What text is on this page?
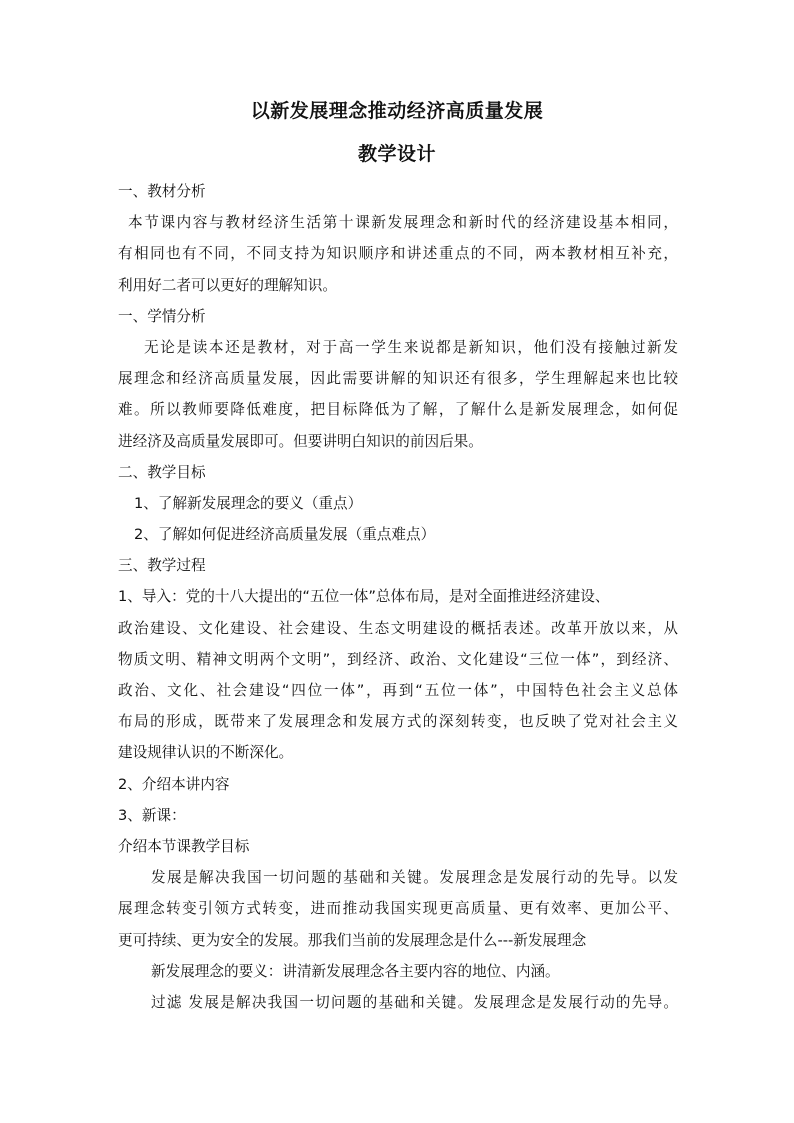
以新发展理念推动经济高质量发展
教学设计
一、教材分析
本节课内容与教材经济生活第十课新发展理念和新时代的经济建设基本相同，
有相同也有不同，不同支持为知识顺序和讲述重点的不同，两本教材相互补充，
利用好二者可以更好的理解知识。
一、学情分析
无论是读本还是教材，对于高一学生来说都是新知识，他们没有接触过新发
展理念和经济高质量发展，因此需要讲解的知识还有很多，学生理解起来也比较
难。所以教师要降低难度，把目标降低为了解，了解什么是新发展理念，如何促
进经济及高质量发展即可。但要讲明白知识的前因后果。
二、教学目标
1、了解新发展理念的要义（重点）
2、了解如何促进经济高质量发展（重点难点）
三、教学过程
1、导入：党的十八大提出的“五位一体”总体布局，是对全面推进经济建设、
政治建设、文化建设、社会建设、生态文明建设的概括表述。改革开放以来，从
物质文明、精神文明两个文明”，到经济、政治、文化建设“三位一体”，到经济、
政治、文化、社会建设“四位一体”，再到“五位一体”，中国特色社会主义总体
布局的形成，既带来了发展理念和发展方式的深刻转变，也反映了党对社会主义
建设规律认识的不断深化。
2、介绍本讲内容
3、新课：
介绍本节课教学目标
发展是解决我国一切问题的基础和关键。发展理念是发展行动的先导。以发
展理念转变引领方式转变，进而推动我国实现更高质量、更有效率、更加公平、
更可持续、更为安全的发展。那我们当前的发展理念是什么---新发展理念
新发展理念的要义：讲清新发展理念各主要内容的地位、内涵。
过滤 发展是解决我国一切问题的基础和关键。发展理念是发展行动的先导。
